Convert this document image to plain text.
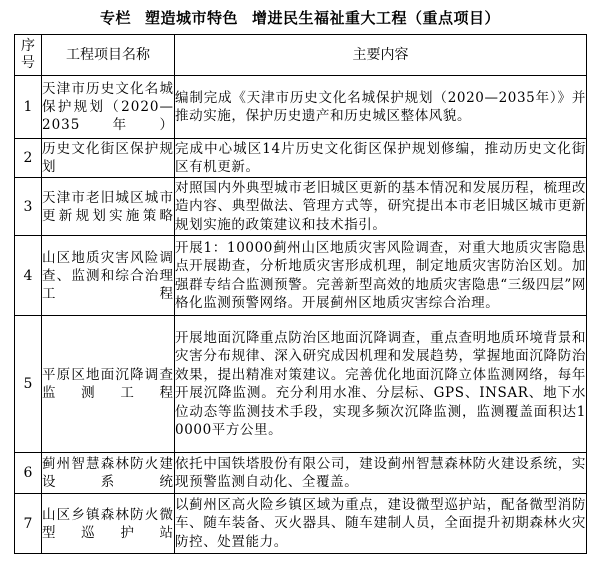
专栏 塑造城市特色 增进民生福祉重大工程（重点项目）
序号	工程项目名称	主要内容
1	天津市历史文化名城保护规划（2020—2035年）	编制完成《天津市历史文化名城保护规划（2020—2035年）》并推动实施，保护历史遗产和历史城区整体风貌。
2	历史文化街区保护规划	完成中心城区14片历史文化街区保护规划修编，推动历史文化街区有机更新。
3	天津市老旧城区城市更新规划实施策略	对照国内外典型城市老旧城区更新的基本情况和发展历程，梳理改造内容、典型做法、管理方式等，研究提出本市老旧城区城市更新规划实施的政策建议和技术指引。
4	山区地质灾害风险调查、监测和综合治理工程	开展1：10000蓟州山区地质灾害风险调查，对重大地质灾害隐患点开展勘查，分析地质灾害形成机理，制定地质灾害防治区划。加强群专结合监测预警。完善新型高效的地质灾害隐患“三级四层”网格化监测预警网络。开展蓟州区地质灾害综合治理。
5	平原区地面沉降调查监测工程	开展地面沉降重点防治区地面沉降调查，重点查明地质环境背景和灾害分布规律、深入研究成因机理和发展趋势，掌握地面沉降防治效果，提出精准对策建议。完善优化地面沉降立体监测网络，每年开展沉降监测。充分利用水准、分层标、GPS、INSAR、地下水位动态等监测技术手段，实现多频次沉降监测，监测覆盖面积达10000平方公里。
6	蓟州智慧森林防火建设系统	依托中国铁塔股份有限公司，建设蓟州智慧森林防火建设系统，实现预警监测自动化、全覆盖。
7	山区乡镇森林防火微型巡护站	以蓟州区高火险乡镇区域为重点，建设微型巡护站，配备微型消防车、随车装备、灭火器具、随车建制人员，全面提升初期森林火灾防控、处置能力。
